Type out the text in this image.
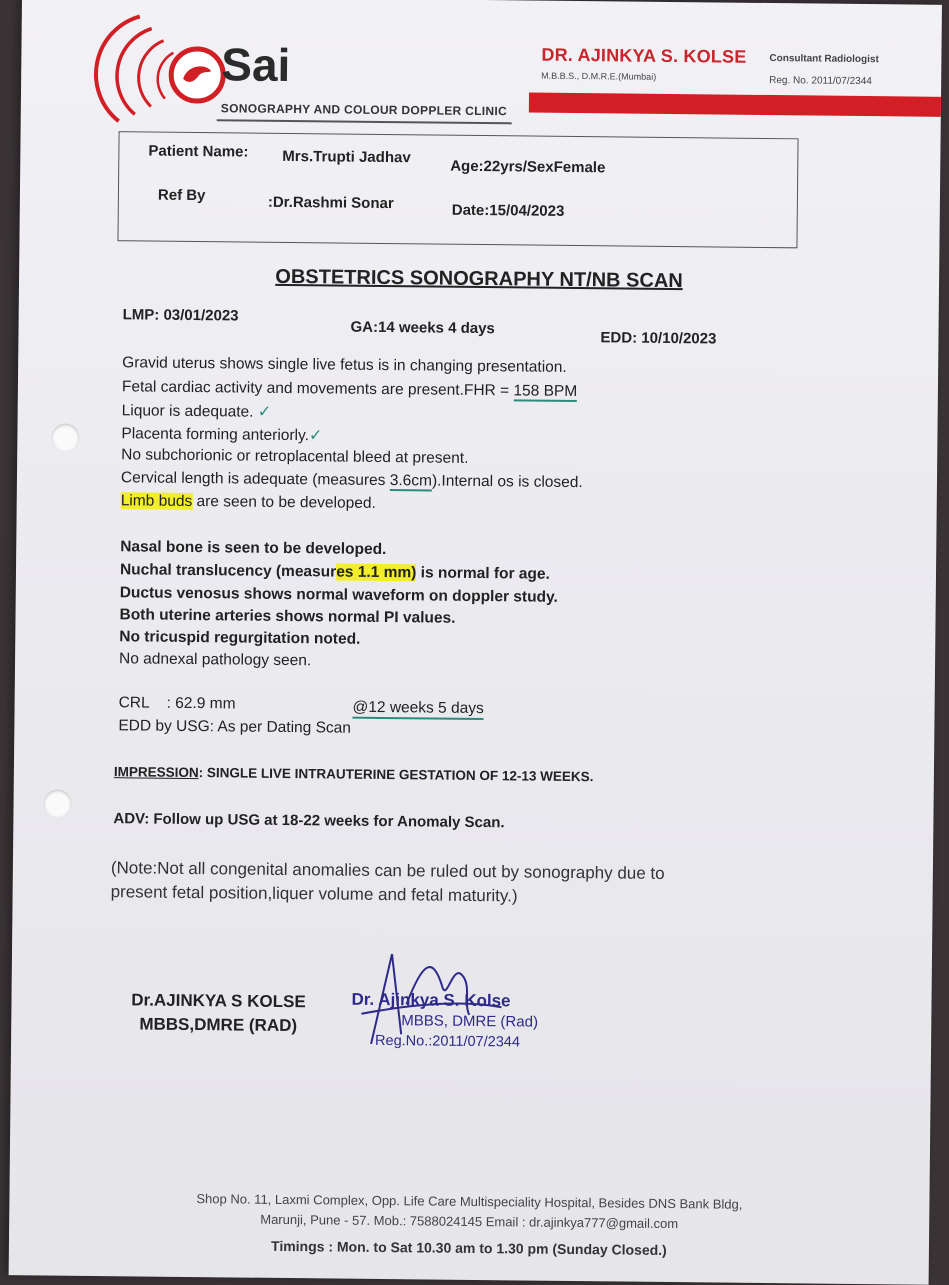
Sai
SONOGRAPHY AND COLOUR DOPPLER CLINIC
DR. AJINKYA S. KOLSE
M.B.B.S., D.M.R.E.(Mumbai)
Consultant Radiologist
Reg. No. 2011/07/2344
Patient Name: Mrs.Trupti Jadhav
Age:22yrs/SexFemale
Ref By	:Dr.Rashmi Sonar	Date:15/04/2023
OBSTETRICS SONOGRAPHY NT/NB SCAN
LMP: 03/01/2023
GA:14 weeks 4 days
EDD: 10/10/2023
Gravid uterus shows single live fetus is in changing presentation.
Fetal cardiac activity and movements are present.FHR = 158 BPM
Liquor is adequate. ✓
Placenta forming anteriorly.✓
No subchorionic or retroplacental bleed at present.
Cervical length is adequate (measures 3.6cm).Internal os is closed.
Limb buds are seen to be developed.
Nasal bone is seen to be developed.
Nuchal translucency (measures 1.1 mm) is normal for age.
Ductus venosus shows normal waveform on doppler study.
Both uterine arteries shows normal PI values.
No tricuspid regurgitation noted.
No adnexal pathology seen.
CRL : 62.9 mm	@12 weeks 5 days
EDD by USG: As per Dating Scan
IMPRESSION: SINGLE LIVE INTRAUTERINE GESTATION OF 12-13 WEEKS.
ADV: Follow up USG at 18-22 weeks for Anomaly Scan.
(Note:Not all congenital anomalies can be ruled out by sonography due to
present fetal position,liquer volume and fetal maturity.)
Dr.AJINKYA S KOLSE
MBBS,DMRE (RAD)
Dr. Ajinkya S. Kolse
MBBS, DMRE (Rad)
Reg.No.:2011/07/2344
Shop No. 11, Laxmi Complex, Opp. Life Care Multispeciality Hospital, Besides DNS Bank Bldg,
Marunji, Pune - 57. Mob.: 7588024145 Email : dr.ajinkya777@gmail.com
Timings : Mon. to Sat 10.30 am to 1.30 pm (Sunday Closed.)
